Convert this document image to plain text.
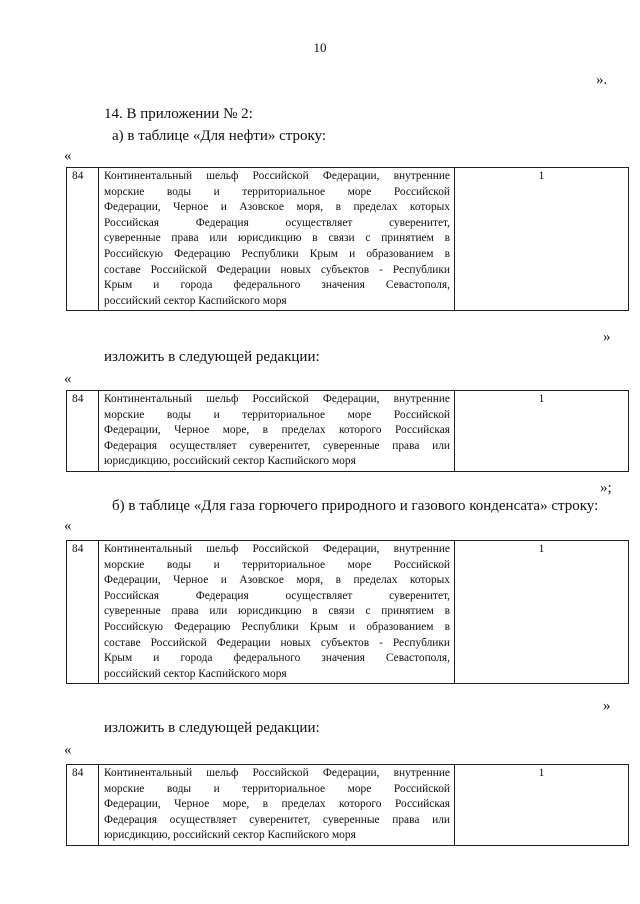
10
».
14. В приложении № 2:
а) в таблице «Для нефти» строку:
«
84	Континентальный шельф Российской Федерации, внутренние
морские воды и территориальное море Российской
Федерации, Черное и Азовское моря, в пределах которых
Российская Федерация осуществляет суверенитет,
суверенные права или юрисдикцию в связи с принятием в
Российскую Федерацию Республики Крым и образованием в
составе Российской Федерации новых субъектов - Республики
Крым и города федерального значения Севастополя,
российский сектор Каспийского моря
	1
»
изложить в следующей редакции:
«
84	Континентальный шельф Российской Федерации, внутренние
морские воды и территориальное море Российской
Федерации, Черное море, в пределах которого Российская
Федерация осуществляет суверенитет, суверенные права или
юрисдикцию, российский сектор Каспийского моря
	1
»;
б) в таблице «Для газа горючего природного и газового конденсата» строку:
«
84	Континентальный шельф Российской Федерации, внутренние
морские воды и территориальное море Российской
Федерации, Черное и Азовское моря, в пределах которых
Российская Федерация осуществляет суверенитет,
суверенные права или юрисдикцию в связи с принятием в
Российскую Федерацию Республики Крым и образованием в
составе Российской Федерации новых субъектов - Республики
Крым и города федерального значения Севастополя,
российский сектор Каспийского моря
	1
»
изложить в следующей редакции:
«
84	Континентальный шельф Российской Федерации, внутренние
морские воды и территориальное море Российской
Федерации, Черное море, в пределах которого Российская
Федерация осуществляет суверенитет, суверенные права или
юрисдикцию, российский сектор Каспийского моря
	1
